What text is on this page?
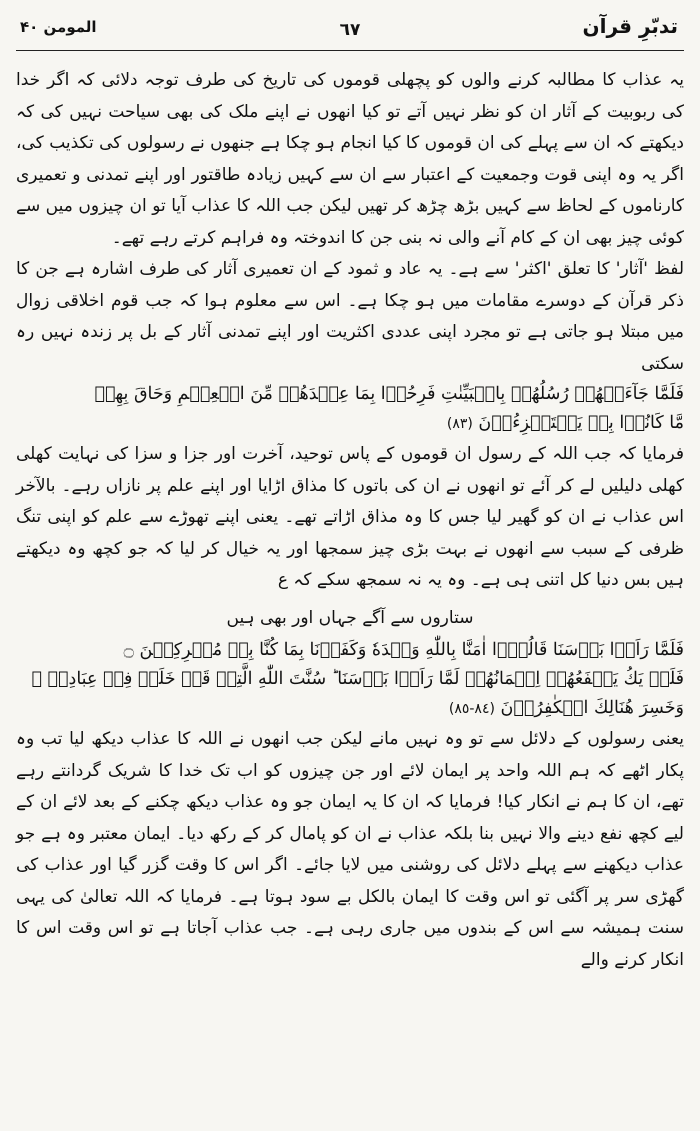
المومن ۴۰	٦٧	تدبّرِ قرآن

یہ عذاب کا مطالبہ کرنے والوں کو پچھلی قوموں کی تاریخ کی طرف توجہ دلائی کہ اگر خدا کی ربوبیت کے آثار ان کو نظر نہیں آتے تو کیا انھوں نے اپنے ملک کی بھی سیاحت نہیں کی کہ دیکھتے کہ ان سے پہلے کی ان قوموں کا کیا انجام ہو چکا ہے جنھوں نے رسولوں کی تکذیب کی، اگر یہ وہ اپنی قوت وجمعیت کے اعتبار سے ان سے کہیں زیادہ طاقتور اور اپنے تمدنی و تعمیری کارناموں کے لحاظ سے کہیں بڑھ چڑھ کر تھیں لیکن جب اللہ کا عذاب آیا تو ان چیزوں میں سے کوئی چیز بھی ان کے کام آنے والی نہ بنی جن کا اندوختہ وہ فراہم کرتے رہے تھے۔

لفظ 'آثار' کا تعلق 'اکثر' سے ہے۔ یہ عاد و ثمود کے ان تعمیری آثار کی طرف اشارہ ہے جن کا ذکر قرآن کے دوسرے مقامات میں ہو چکا ہے۔ اس سے معلوم ہوا کہ جب قوم اخلاقی زوال میں مبتلا ہو جاتی ہے تو مجرد اپنی عددی اکثریت اور اپنے تمدنی آثار کے بل پر زندہ نہیں رہ سکتی

فَلَمَّا جَآءَتۡهُمۡ رُسُلُهُمۡ بِالۡبَيِّنٰتِ فَرِحُوۡا بِمَا عِنۡدَهُمۡ مِّنَ الۡعِلۡمِ وَحَاقَ بِهِمۡ
مَّا كَانُوۡا بِهٖ يَسۡتَهۡزِءُوۡنَ (٨٣)

فرمایا کہ جب اللہ کے رسول ان قوموں کے پاس توحید، آخرت اور جزا و سزا کی نہایت کھلی کھلی دلیلیں لے کر آئے تو انھوں نے ان کی باتوں کا مذاق اڑایا اور اپنے علم پر نازاں رہے۔ بالآخر اس عذاب نے ان کو گھیر لیا جس کا وہ مذاق اڑاتے تھے۔ یعنی اپنے تھوڑے سے علم کو اپنی تنگ ظرفی کے سبب سے انھوں نے بہت بڑی چیز سمجھا اور یہ خیال کر لیا کہ جو کچھ وہ دیکھتے ہیں بس دنیا کل اتنی ہی ہے۔ وہ یہ نہ سمجھ سکے کہ ع

ستاروں سے آگے جہاں اور بھی ہیں

فَلَمَّا رَاَوۡا بَاۡسَنَا قَالُوۡۤا اٰمَنَّا بِاللّٰهِ وَحۡدَهٗ وَكَفَرۡنَا بِمَا كُنَّا بِهٖ مُشۡرِكِيۡنَ ۝
فَلَمۡ يَكُ يَنۡفَعُهُمۡ اِيۡمَانُهُمۡ لَمَّا رَاَوۡا بَاۡسَنَا ؕ سُنَّتَ اللّٰهِ الَّتِىۡ قَدۡ خَلَتۡ فِىۡ عِبَادِهٖ ۚ
وَخَسِرَ هُنَالِكَ الۡكٰفِرُوۡنَ (٨٤-٨٥)

یعنی رسولوں کے دلائل سے تو وہ نہیں مانے لیکن جب انھوں نے اللہ کا عذاب دیکھ لیا تب وہ پکار اٹھے کہ ہم اللہ واحد پر ایمان لائے اور جن چیزوں کو اب تک خدا کا شریک گردانتے رہے تھے، ان کا ہم نے انکار کیا! فرمایا کہ ان کا یہ ایمان جو وہ عذاب دیکھ چکنے کے بعد لائے ان کے لیے کچھ نفع دینے والا نہیں بنا بلکہ عذاب نے ان کو پامال کر کے رکھ دیا۔ ایمان معتبر وہ ہے جو عذاب دیکھنے سے پہلے دلائل کی روشنی میں لایا جائے۔ اگر اس کا وقت گزر گیا اور عذاب کی گھڑی سر پر آگئی تو اس وقت کا ایمان بالکل بے سود ہوتا ہے۔ فرمایا کہ اللہ تعالیٰ کی یہی سنت ہمیشہ سے اس کے بندوں میں جاری رہی ہے۔ جب عذاب آجاتا ہے تو اس وقت اس کا انکار کرنے والے
